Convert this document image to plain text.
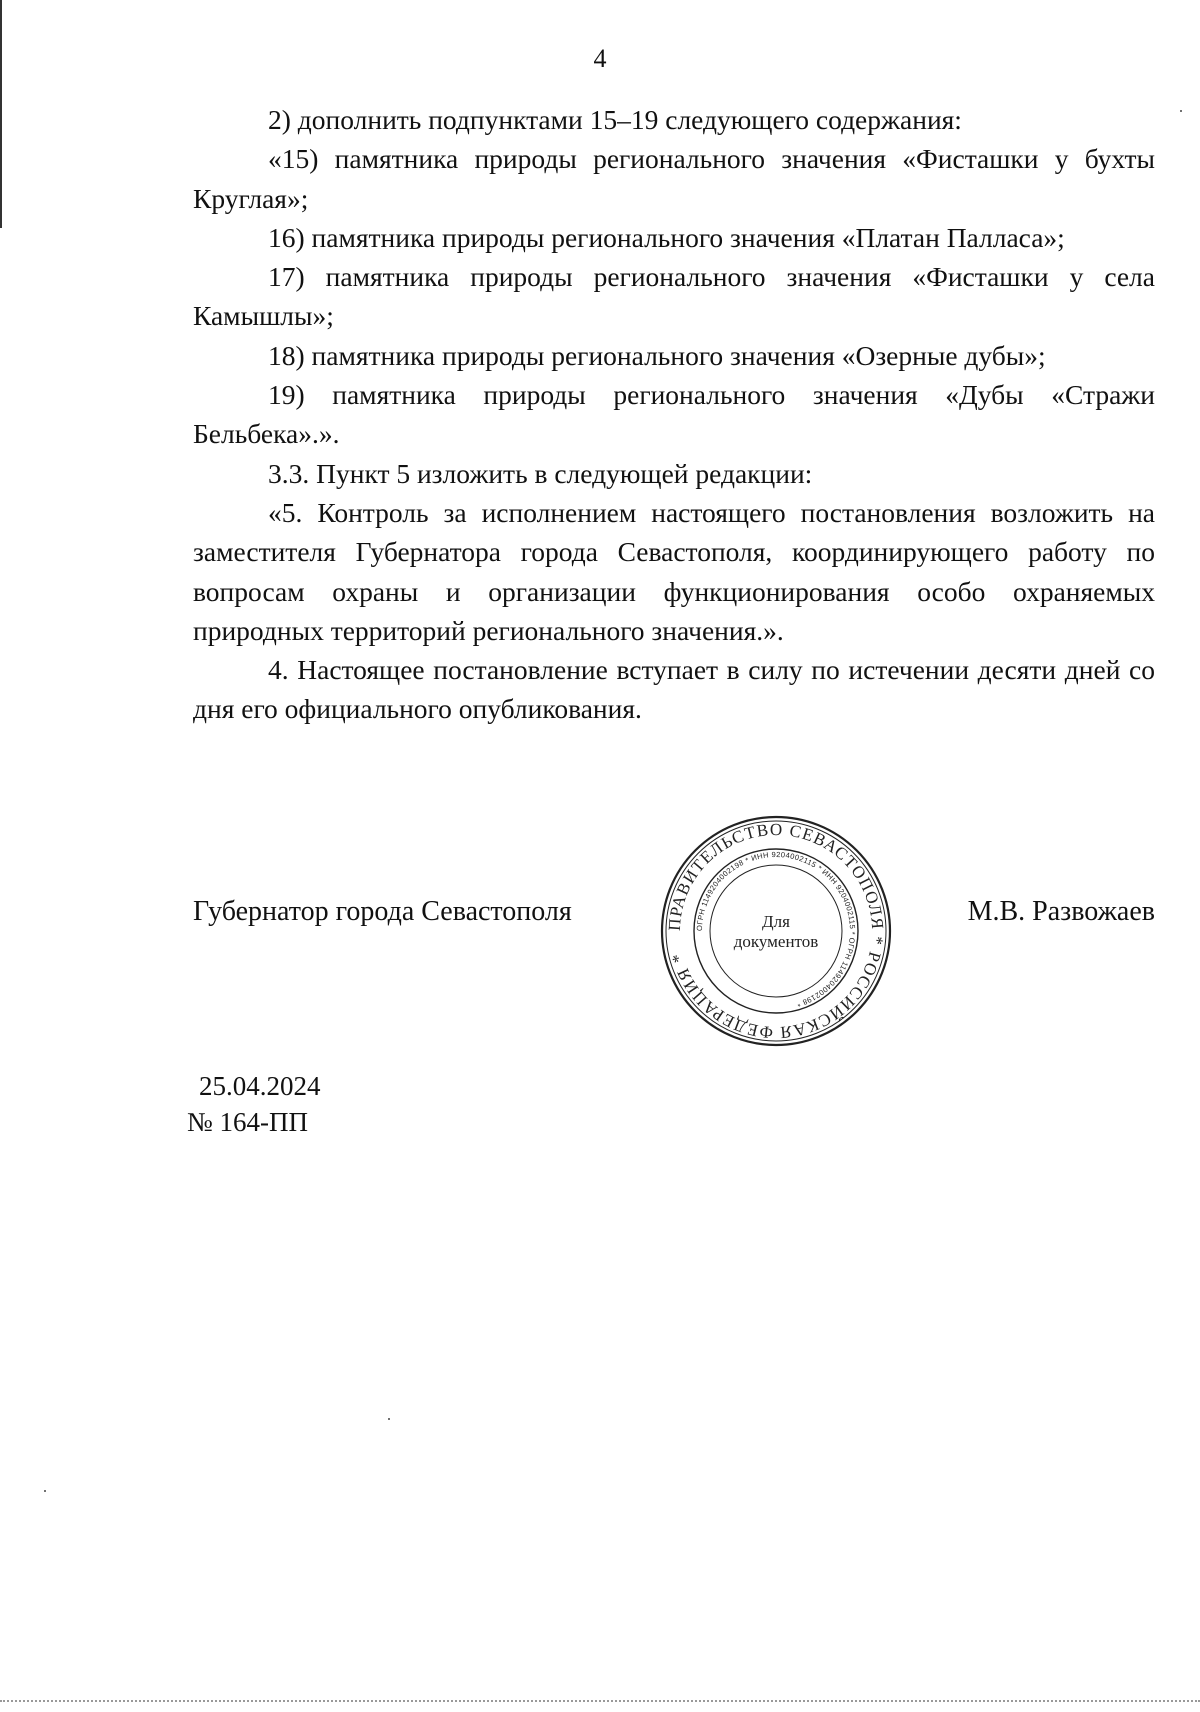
4

2) дополнить подпунктами 15–19 следующего содержания:

«15) памятника природы регионального значения «Фисташки у бухты Круглая»;

16) памятника природы регионального значения «Платан Палласа»;

17) памятника природы регионального значения «Фисташки у села Камышлы»;

18) памятника природы регионального значения «Озерные дубы»;

19) памятника природы регионального значения «Дубы «Стражи Бельбека».».

3.3. Пункт 5 изложить в следующей редакции:

«5. Контроль за исполнением настоящего постановления возложить на заместителя Губернатора города Севастополя, координирующего работу по вопросам охраны и организации функционирования особо охраняемых природных территорий регионального значения.».

4. Настоящее постановление вступает в силу по истечении десяти дней со дня его официального опубликования.

Губернатор города Севастополя	М.В. Развожаев
ПРАВИТЕЛЬСТВО СЕВАСТОПОЛЯ * РОССИЙСКАЯ ФЕДЕРАЦИЯ *
ОГРН 1149204002198 * ИНН 9204002115 * ИНН 9204002115 * ОГРН 1149204002198 *
Для
документов
25.04.2024
№ 164-ПП
